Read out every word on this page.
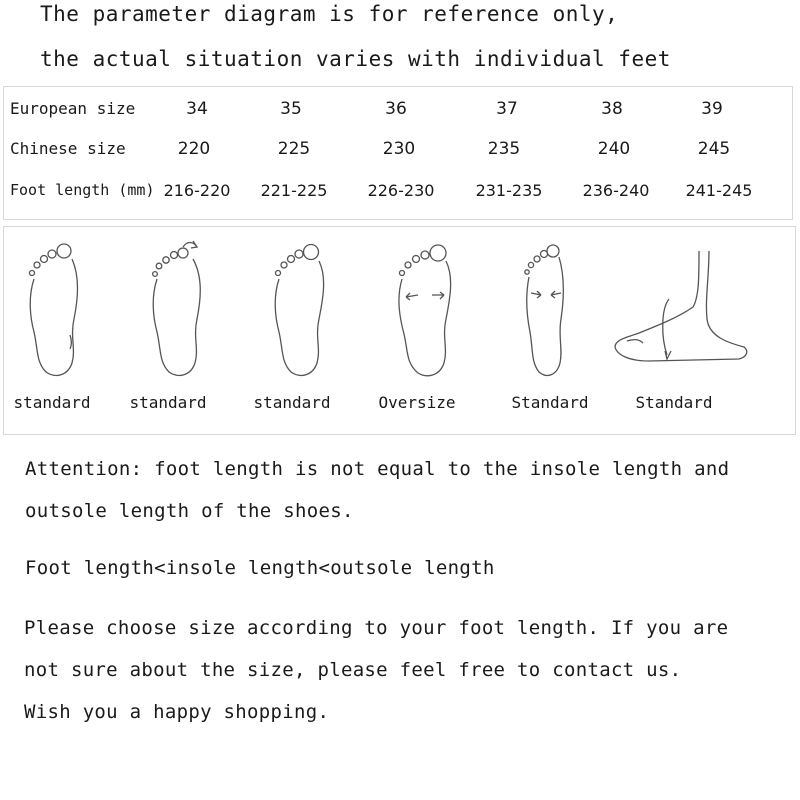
The parameter diagram is for reference only,
the actual situation varies with individual feet
European size	34	35	36	37	38	39
Chinese size	220	225	230	235	240	245
Foot length (mm) 216-220 221-225	226-230	231-235	236-240 241-245
standard standard	standard	Oversize	Standard	Standard
Attention: foot length is not equal to the insole length and
outsole length of the shoes.
Foot length<insole length<outsole length
Please choose size according to your foot length. If you are
not sure about the size, please feel free to contact us.
Wish you a happy shopping.
